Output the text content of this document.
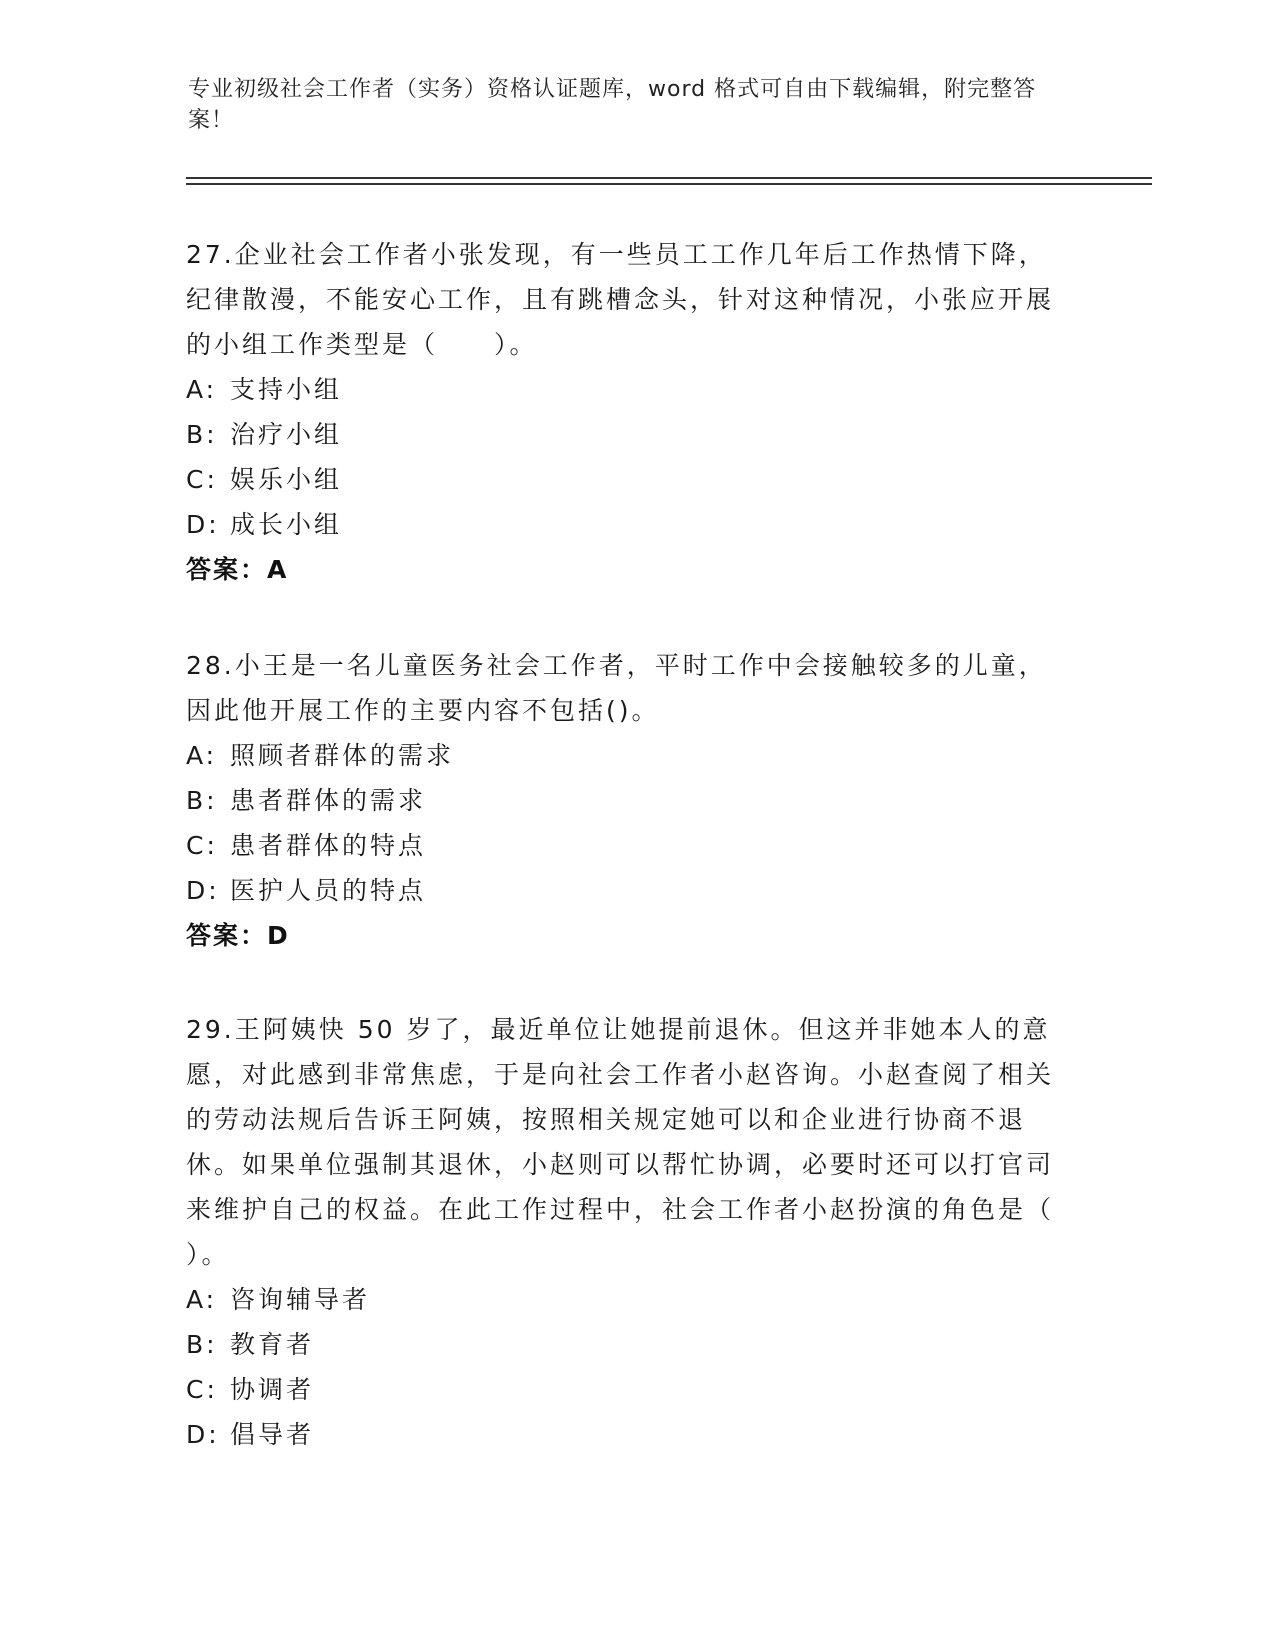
专业初级社会工作者（实务）资格认证题库，word 格式可自由下载编辑，附完整答案！
27.企业社会工作者小张发现，有一些员工工作几年后工作热情下降，纪律散漫，不能安心工作，且有跳槽念头，针对这种情况，小张应开展的小组工作类型是（　　）。
A: 支持小组
B: 治疗小组
C: 娱乐小组
D: 成长小组
答案：A
28.小王是一名儿童医务社会工作者，平时工作中会接触较多的儿童，因此他开展工作的主要内容不包括()。
A: 照顾者群体的需求
B: 患者群体的需求
C: 患者群体的特点
D: 医护人员的特点
答案：D
29.王阿姨快 50 岁了，最近单位让她提前退休。但这并非她本人的意愿，对此感到非常焦虑，于是向社会工作者小赵咨询。小赵查阅了相关的劳动法规后告诉王阿姨，按照相关规定她可以和企业进行协商不退休。如果单位强制其退休，小赵则可以帮忙协调，必要时还可以打官司来维护自己的权益。在此工作过程中，社会工作者小赵扮演的角色是（ ）。
A: 咨询辅导者
B: 教育者
C: 协调者
D: 倡导者
